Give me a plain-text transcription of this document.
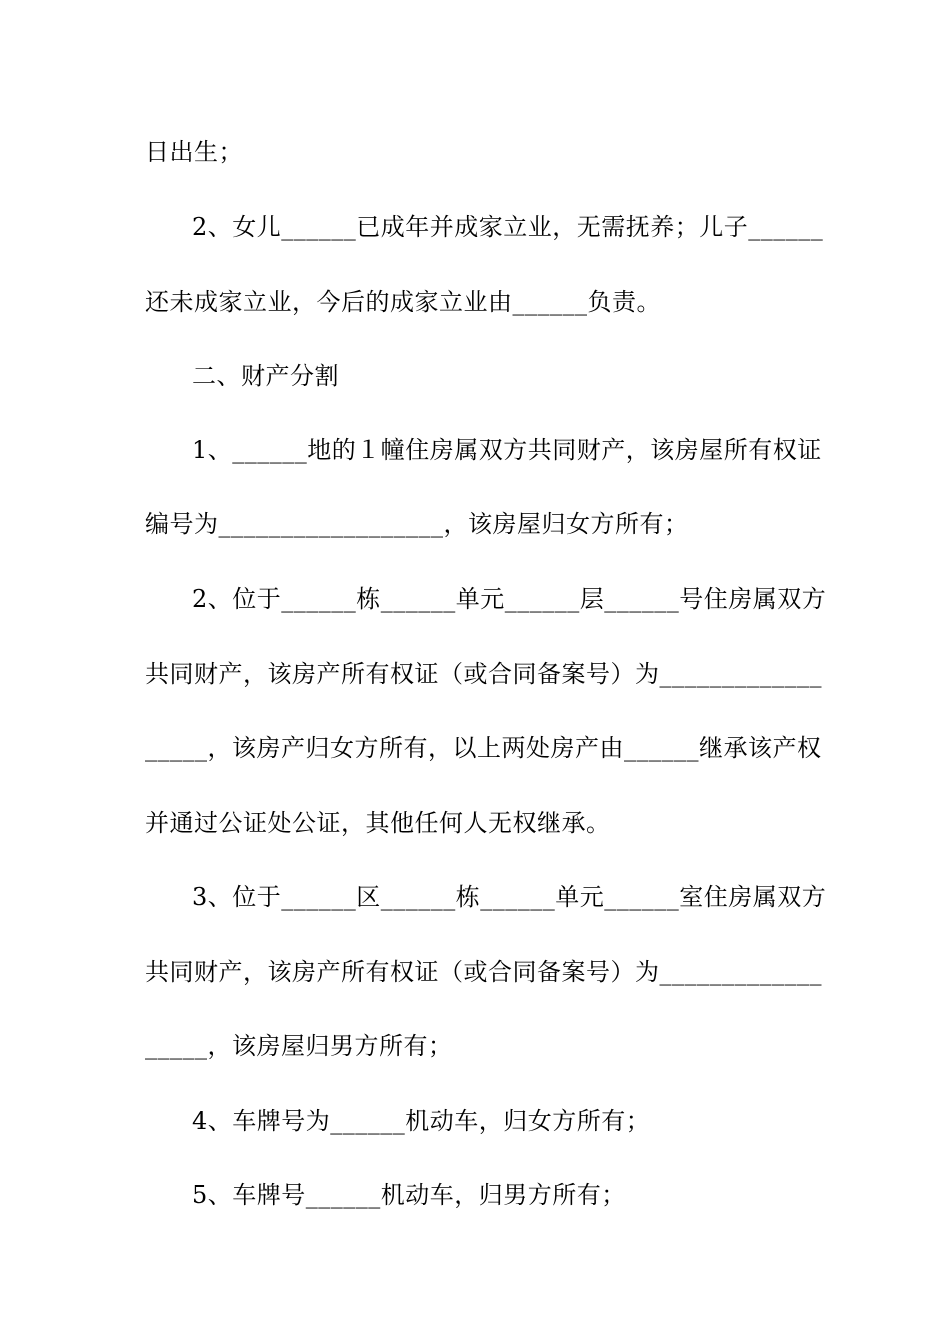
日出生；
2、女儿______已成年并成家立业，无需抚养；儿子______
还未成家立业，今后的成家立业由______负责。
二、财产分割
1、______地的１幢住房属双方共同财产，该房屋所有权证
编号为__________________，该房屋归女方所有；
2、位于______栋______单元______层______号住房属双方
共同财产，该房产所有权证（或合同备案号）为_____________
_____，该房产归女方所有，以上两处房产由______继承该产权
并通过公证处公证，其他任何人无权继承。
3、位于______区______栋______单元______室住房属双方
共同财产，该房产所有权证（或合同备案号）为_____________
_____，该房屋归男方所有；
4、车牌号为______机动车，归女方所有；
5、车牌号______机动车，归男方所有；
